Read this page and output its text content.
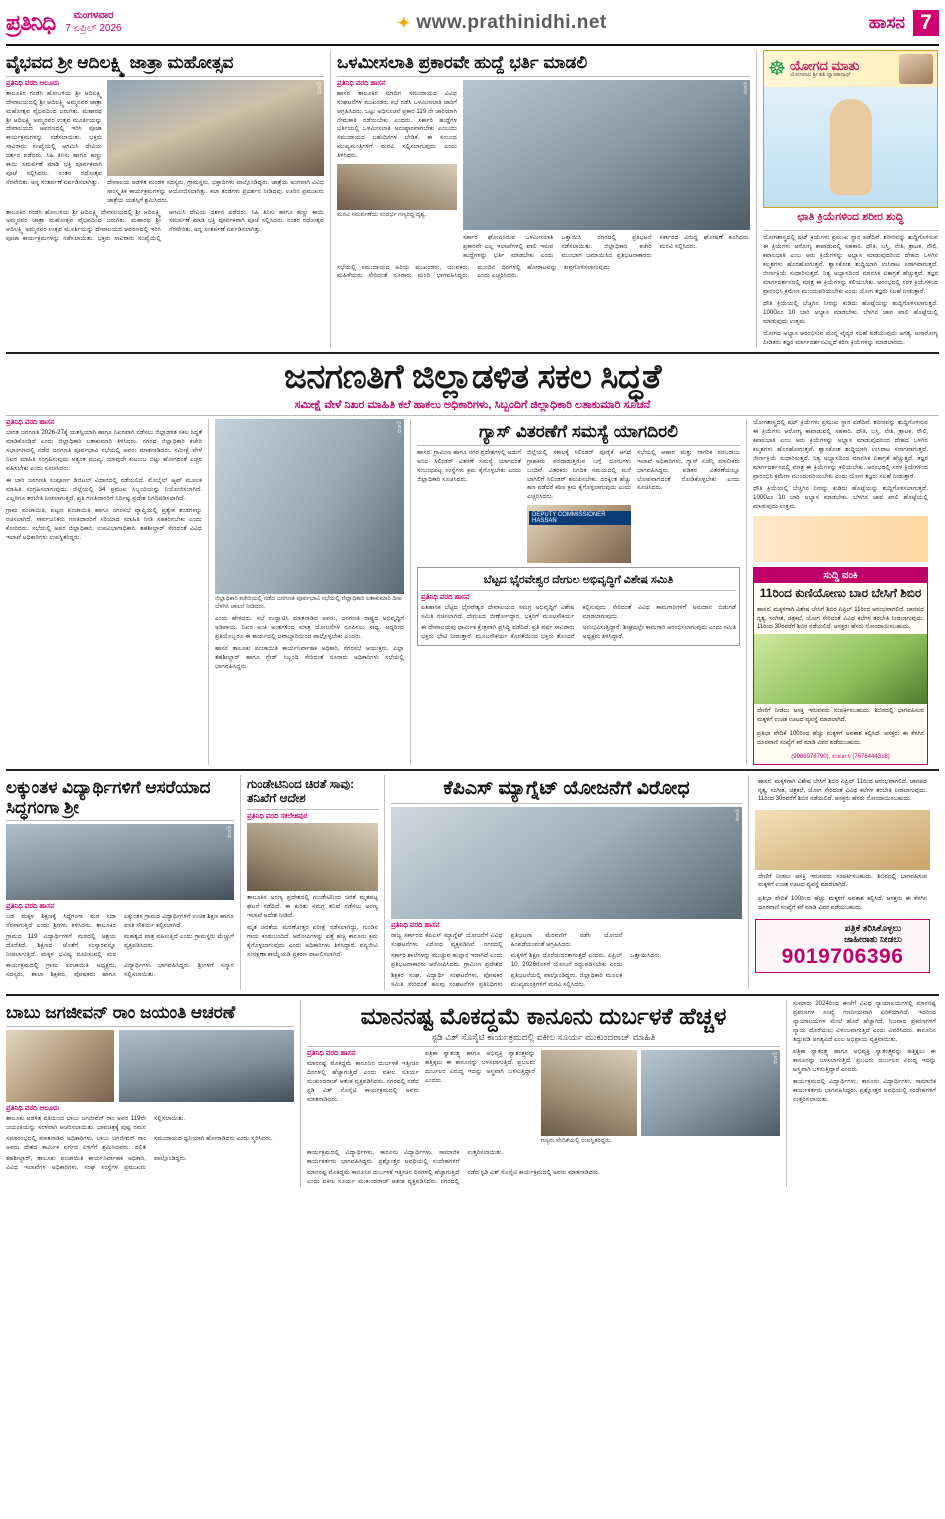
ಪ್ರತಿನಿಧಿ	ಮಂಗಳವಾರ
7 ಏಪ್ರಿಲ್ 2026	✦ www.prathinidhi.net	ಹಾಸನ 7
ವೈಭವದ ಶ್ರೀ ಆದಿಲಕ್ಷ್ಮಿ ಜಾತ್ರಾ ಮಹೋತ್ಸವ
ಪ್ರತಿನಿಧಿ ವರದಿ ಆಲೂರು
ತಾಲೂಕಿನ ಗಂಡಸಿ ಹೋಬಳಿಯ ಶ್ರೀ ಆದಿಲಕ್ಷ್ಮಿ ದೇವಾಲಯದಲ್ಲಿ ಶ್ರೀ ಆದಿಲಕ್ಷ್ಮಿ ಅಮ್ಮನವರ ಜಾತ್ರಾ ಮಹೋತ್ಸವ ವೈಭವದಿಂದ ಜರುಗಿತು. ಮಹಾರಥ ಶ್ರೀ ಆದಿಲಕ್ಷ್ಮಿ ಅಮ್ಮನವರ ಉತ್ಸವ ಮೂರ್ತಿಯನ್ನು ದೇವಾಲಯದ ಆವರಣದಲ್ಲಿ ಇರಿಸಿ ಪೂಜಾ ಕಾರ್ಯಕ್ರಮಗಳನ್ನು ನಡೆಸಲಾಯಿತು. ಭಕ್ತರು ಸಾವಿರಾರು ಸಂಖ್ಯೆಯಲ್ಲಿ ಆಗಮಿಸಿ ದೇವಿಯ ದರ್ಶನ ಪಡೆದರು. ಸಿಹಿ ತಿನಿಸು ಹಾಗೂ ಹಣ್ಣು ಕಾಯಿ ಸಮರ್ಪಣೆ ಮಾಡಿ ಭಕ್ತಿ ಪೂರ್ವಕವಾಗಿ ಪೂಜೆ ಸಲ್ಲಿಸಿದರು. ನಂತರ ರಥೋತ್ಸವ ನೆರವೇರಿತು. ಅನ್ನ ಸಂತರ್ಪಣೆ ಏರ್ಪಡಿಸಲಾಗಿತ್ತು.
ಪ್ರತಿನಿಧಿ
ದೇವಾಲಯ ಆಡಳಿತ ಮಂಡಳಿ ಸದಸ್ಯರು, ಗ್ರಾಮಸ್ಥರು, ಭಕ್ತಾದಿಗಳು ಪಾಲ್ಗೊಂಡಿದ್ದರು. ಜಾತ್ರೆಯ ಅಂಗವಾಗಿ ವಿವಿಧ ಸಾಂಸ್ಕೃತಿಕ ಕಾರ್ಯಕ್ರಮಗಳನ್ನು ಆಯೋಜಿಸಲಾಗಿತ್ತು. ಕಲಾ ತಂಡಗಳು ಪ್ರದರ್ಶನ ನೀಡಿದವು. ಊರಿನ ಪ್ರಮುಖರು ಜಾತ್ರೆಯ ಯಶಸ್ಸಿಗೆ ಶ್ರಮಿಸಿದರು.
ತಾಲೂಕಿನ ಗಂಡಸಿ ಹೋಬಳಿಯ ಶ್ರೀ ಆದಿಲಕ್ಷ್ಮಿ ದೇವಾಲಯದಲ್ಲಿ ಶ್ರೀ ಆದಿಲಕ್ಷ್ಮಿ ಅಮ್ಮನವರ ಜಾತ್ರಾ ಮಹೋತ್ಸವ ವೈಭವದಿಂದ ಜರುಗಿತು. ಮಹಾರಥ ಶ್ರೀ ಆದಿಲಕ್ಷ್ಮಿ ಅಮ್ಮನವರ ಉತ್ಸವ ಮೂರ್ತಿಯನ್ನು ದೇವಾಲಯದ ಆವರಣದಲ್ಲಿ ಇರಿಸಿ ಪೂಜಾ ಕಾರ್ಯಕ್ರಮಗಳನ್ನು ನಡೆಸಲಾಯಿತು. ಭಕ್ತರು ಸಾವಿರಾರು ಸಂಖ್ಯೆಯಲ್ಲಿ ಆಗಮಿಸಿ ದೇವಿಯ ದರ್ಶನ ಪಡೆದರು. ಸಿಹಿ ತಿನಿಸು ಹಾಗೂ ಹಣ್ಣು ಕಾಯಿ ಸಮರ್ಪಣೆ ಮಾಡಿ ಭಕ್ತಿ ಪೂರ್ವಕವಾಗಿ ಪೂಜೆ ಸಲ್ಲಿಸಿದರು. ನಂತರ ರಥೋತ್ಸವ ನೆರವೇರಿತು. ಅನ್ನ ಸಂತರ್ಪಣೆ ಏರ್ಪಡಿಸಲಾಗಿತ್ತು.
ಒಳಮೀಸಲಾತಿ ಪ್ರಕಾರವೇ ಹುದ್ದೆ ಭರ್ತಿ ಮಾಡಲಿ
ಪ್ರತಿನಿಧಿ ವರದಿ ಹಾಸನ
ಹಾಸನ ತಾಲೂಕಿನ ಮಾದಿಗ ಸಮುದಾಯದ ವಿವಿಧ ಸಂಘಟನೆಗಳ ಮುಖಂಡರು ಸಭೆ ನಡೆಸಿ ಒಳಮೀಸಲಾತಿ ಜಾರಿಗೆ ಆಗ್ರಹಿಸಿದರು. ಒಟ್ಟು ಅಧಿಸೂಚನೆ ಪ್ರಕಾರ 119 ನೇ ಜಾರಿಯಾಗಿ ನೇಮಕಾತಿ ನಡೆಯಬೇಕು ಎಂದರು. ಸರ್ಕಾರಿ ಹುದ್ದೆಗಳ ಭರ್ತಿಯಲ್ಲಿ ಒಳಮೀಸಲಾತಿ ಅನುಷ್ಠಾನವಾಗಬೇಕು ಎಂಬುದು ಸಮುದಾಯದ ಬಹುದಿನಗಳ ಬೇಡಿಕೆ. ಈ ಸಂಬಂಧ ಮುಖ್ಯಮಂತ್ರಿಗಳಿಗೆ ಮನವಿ ಸಲ್ಲಿಸಲಾಗುವುದು ಎಂದು ತಿಳಿಸಿದರು.
ಮನವಿ ಸಮರ್ಪಣೆಯ ಸಂದರ್ಭ ಗಣ್ಯರಿದ್ದ ದೃಶ್ಯ.
ಪ್ರತಿನಿಧಿ
ಸರ್ಕಾರ ಘೋಷಿಸಿರುವ ಒಳಮೀಸಲಾತಿ ಪ್ರಕಾರವೇ ಎಲ್ಲ ಇಲಾಖೆಗಳಲ್ಲಿ ಖಾಲಿ ಇರುವ ಹುದ್ದೆಗಳನ್ನು ಭರ್ತಿ ಮಾಡಬೇಕು ಎಂದು ಒತ್ತಾಯಿಸಿ ನಗರದಲ್ಲಿ ಪ್ರತಿಭಟನೆ ನಡೆಸಲಾಯಿತು. ಜಿಲ್ಲಾಧಿಕಾರಿ ಕಚೇರಿ ಮುಂಭಾಗ ಜಮಾಯಿಸಿದ ಪ್ರತಿಭಟನಾಕಾರರು ಸರ್ಕಾರದ ವಿರುದ್ಧ ಘೋಷಣೆ ಕೂಗಿದರು. ಮನವಿ ಸಲ್ಲಿಸಿದರು.
ಸಭೆಯಲ್ಲಿ ಸಮುದಾಯದ ಹಿರಿಯ ಮುಖಂಡರು, ಯುವಕರು, ಮಹಿಳೆಯರು ಸೇರಿದಂತೆ ನೂರಾರು ಮಂದಿ ಭಾಗವಹಿಸಿದ್ದರು. ಮುಂದಿನ ದಿನಗಳಲ್ಲಿ ಹೋರಾಟವನ್ನು ತೀವ್ರಗೊಳಿಸಲಾಗುವುದು ಎಂದು ಎಚ್ಚರಿಸಿದರು.
☸ ಯೋಗದ ಮಾತು
ಯೋಗಪಟು ಶ್ರೀ ಶಶಿ ದ್ವಾರಕಾನಾಥ್
ಛಾತಿ ಕ್ರಿಯೆಗಳಿಂದ ಶರೀರ ಶುದ್ಧಿ
ಯೋಗಶಾಸ್ತ್ರದಲ್ಲಿ ಷಟ್ ಕ್ರಿಯೆಗಳು ಪ್ರಮುಖ ಸ್ಥಾನ ಪಡೆದಿವೆ. ಶರೀರವನ್ನು ಶುದ್ಧಿಗೊಳಿಸುವ ಈ ಕ್ರಿಯೆಗಳು ಆರೋಗ್ಯ ಕಾಪಾಡುವಲ್ಲಿ ಸಹಕಾರಿ. ಧೌತಿ, ಬಸ್ತಿ, ನೇತಿ, ತ್ರಾಟಕ, ನೌಲಿ, ಕಪಾಲಭಾತಿ ಎಂಬ ಆರು ಕ್ರಿಯೆಗಳನ್ನು ಅಭ್ಯಾಸ ಮಾಡುವುದರಿಂದ ದೇಹದ ಒಳಗಿನ ಕಲ್ಮಶಗಳು ಹೊರಹೋಗುತ್ತವೆ. ಶ್ವಾಸಕೋಶ ಶುದ್ಧಿಯಾಗಿ ಉಸಿರಾಟ ಸರಾಗವಾಗುತ್ತದೆ. ಜೀರ್ಣಕ್ರಿಯೆ ಸುಧಾರಿಸುತ್ತದೆ. ನಿತ್ಯ ಅಭ್ಯಾಸದಿಂದ ಮಾನಸಿಕ ಏಕಾಗ್ರತೆ ಹೆಚ್ಚುತ್ತದೆ. ತಜ್ಞರ ಮಾರ್ಗದರ್ಶನದಲ್ಲಿ ಮಾತ್ರ ಈ ಕ್ರಿಯೆಗಳನ್ನು ಕಲಿಯಬೇಕು. ಆರಂಭದಲ್ಲಿ ಸರಳ ಕ್ರಿಯೆಗಳಿಂದ ಪ್ರಾರಂಭಿಸಿ ಕ್ರಮೇಣ ಮುಂದುವರಿಯಬೇಕು ಎಂದು ಯೋಗ ತಜ್ಞರು ಸಲಹೆ ನೀಡುತ್ತಾರೆ.
ಧೌತಿ ಕ್ರಿಯೆಯಲ್ಲಿ ಬೆಚ್ಚಗಿನ ನೀರನ್ನು ಕುಡಿದು ಹೊಟ್ಟೆಯನ್ನು ಶುದ್ಧಿಗೊಳಿಸಲಾಗುತ್ತದೆ. 1000ಎಂ 10 ಬಾರಿ ಅಭ್ಯಾಸ ಮಾಡಬೇಕು. ಬೆಳಗಿನ ಜಾವ ಖಾಲಿ ಹೊಟ್ಟೆಯಲ್ಲಿ ಮಾಡುವುದು ಉತ್ತಮ.
ಯೋಗದ ಅಭ್ಯಾಸ ಆರಂಭಿಸುವ ಮುನ್ನ ವೈದ್ಯರ ಸಲಹೆ ಪಡೆಯುವುದು ಅಗತ್ಯ. ಅನಾರೋಗ್ಯ ಪೀಡಿತರು ತಜ್ಞರ ಮಾರ್ಗದರ್ಶನವಿಲ್ಲದೆ ಕಠಿಣ ಕ್ರಿಯೆಗಳನ್ನು ಮಾಡಬಾರದು.
ಜನಗಣತಿಗೆ ಜಿಲ್ಲಾಡಳಿತ ಸಕಲ ಸಿದ್ಧತೆ
ಸಮೀಕ್ಷೆ ವೇಳೆ ನಿಖರ ಮಾಹಿತಿ ಕಲೆ ಹಾಕಲು ಅಧಿಕಾರಿಗಳು, ಸಿಬ್ಬಂದಿಗೆ ಜಿಲ್ಲಾಧಿಕಾರಿ ಲತಾಕುಮಾರಿ ಸೂಚನೆ
ಪ್ರತಿನಿಧಿ ವರದಿ ಹಾಸನ
ಭಾರತ ಜನಗಣತಿ 2026-27ಕ್ಕೆ ಯಶಸ್ವಿಯಾಗಿ ಹಾಗೂ ನಿಖರವಾಗಿ ನಡೆಸಲು ಜಿಲ್ಲಾಡಳಿತ ಸಕಲ ಸಿದ್ಧತೆ ಮಾಡಿಕೊಂಡಿದೆ ಎಂದು ಜಿಲ್ಲಾಧಿಕಾರಿ ಲತಾಕುಮಾರಿ ತಿಳಿಸಿದರು. ನಗರದ ಜಿಲ್ಲಾಧಿಕಾರಿ ಕಚೇರಿ ಸಭಾಂಗಣದಲ್ಲಿ ನಡೆದ ಜನಗಣತಿ ಪೂರ್ವಭಾವಿ ಸಭೆಯಲ್ಲಿ ಅವರು ಮಾತನಾಡಿದರು. ಸಮೀಕ್ಷೆ ವೇಳೆ ನಿಖರ ಮಾಹಿತಿ ಸಂಗ್ರಹಿಸುವುದು ಅತ್ಯಂತ ಮುಖ್ಯ. ಯಾವುದೇ ಕುಟುಂಬ ಬಿಟ್ಟು ಹೋಗದಂತೆ ಎಚ್ಚರ ವಹಿಸಬೇಕು ಎಂದು ಸೂಚಿಸಿದರು.
ಈ ಬಾರಿ ಜನಗಣತಿ ಸಂಪೂರ್ಣ ಡಿಜಿಟಲ್ ವಿಧಾನದಲ್ಲಿ ನಡೆಯಲಿದೆ. ಮೊಬೈಲ್ ಆ್ಯಪ್ ಮೂಲಕ ಮಾಹಿತಿ ಸಂಗ್ರಹಿಸಲಾಗುವುದು. ಜಿಲ್ಲೆಯಲ್ಲಿ 34 ಪ್ರಮುಖ ಸಿಬ್ಬಂದಿಯನ್ನು ನಿಯೋಜಿಸಲಾಗಿದೆ. ಎಲ್ಲರಿಗೂ ತರಬೇತಿ ನೀಡಲಾಗುತ್ತಿದೆ. ಪ್ರತಿ ಗಣತಿದಾರರಿಗೆ ನಿರ್ದಿಷ್ಟ ಪ್ರದೇಶ ನಿಗದಿಪಡಿಸಲಾಗಿದೆ.
ಗ್ರಾಮ ಪಂಚಾಯಿತಿ, ಪಟ್ಟಣ ಪಂಚಾಯಿತಿ ಹಾಗೂ ನಗರಸಭೆ ವ್ಯಾಪ್ತಿಯಲ್ಲಿ ಪ್ರತ್ಯೇಕ ತಂಡಗಳನ್ನು ರಚಿಸಲಾಗಿದೆ. ಸಾರ್ವಜನಿಕರು ಗಣತಿದಾರರಿಗೆ ಸರಿಯಾದ ಮಾಹಿತಿ ನೀಡಿ ಸಹಕರಿಸಬೇಕು ಎಂದು ಕೋರಿದರು. ಸಭೆಯಲ್ಲಿ ಅಪರ ಜಿಲ್ಲಾಧಿಕಾರಿ, ಉಪವಿಭಾಗಾಧಿಕಾರಿ, ತಹಶೀಲ್ದಾರ್ ಸೇರಿದಂತೆ ವಿವಿಧ ಇಲಾಖೆ ಅಧಿಕಾರಿಗಳು ಉಪಸ್ಥಿತರಿದ್ದರು.
ಪ್ರತಿನಿಧಿ
ಜಿಲ್ಲಾಧಿಕಾರಿ ಕಚೇರಿಯಲ್ಲಿ ನಡೆದ ಜನಗಣತಿ ಪೂರ್ವಭಾವಿ ಸಭೆಯಲ್ಲಿ ಜಿಲ್ಲಾಧಿಕಾರಿ ಲತಾಕುಮಾರಿ ದೀಪ ಬೆಳಗಿಸಿ ಚಾಲನೆ ನೀಡಿದರು.
ಎಂದು ಹೇಳಿದರು. ಸಭೆ ಉದ್ಘಾಟಿಸಿ ಮಾತನಾಡಿದ ಅವರು, ಜನಗಣತಿ ರಾಷ್ಟ್ರದ ಅಭಿವೃದ್ಧಿಗೆ ಅಡಿಪಾಯ. ನಿಖರ ಅಂಕಿ ಅಂಶಗಳಿಂದ ಮಾತ್ರ ಯೋಜನೆಗಳ ರೂಪಿಸಲು ಸಾಧ್ಯ. ಆದ್ದರಿಂದ ಪ್ರತಿಯೊಬ್ಬರೂ ಈ ಕಾರ್ಯದಲ್ಲಿ ಜವಾಬ್ದಾರಿಯಿಂದ ಪಾಲ್ಗೊಳ್ಳಬೇಕು ಎಂದರು.
ಹಾಸನ ತಾಲೂಕು ಪಂಚಾಯಿತಿ ಕಾರ್ಯನಿರ್ವಾಹಕ ಅಧಿಕಾರಿ, ನಗರಸಭೆ ಆಯುಕ್ತರು, ಎಲ್ಲಾ ತಹಶೀಲ್ದಾರ್ ಹಾಗೂ ಗ್ರೇಡ್ ಸಿಬ್ಬಂದಿ ಸೇರಿದಂತೆ ನೂರಾರು ಅಧಿಕಾರಿಗಳು ಸಭೆಯಲ್ಲಿ ಭಾಗವಹಿಸಿದ್ದರು.
ಗ್ಯಾಸ್ ವಿತರಣೆಗೆ ಸಮಸ್ಯೆ ಯಾಗದಿರಲಿ
ಹಾಸನ: ಗ್ರಾಮೀಣ ಹಾಗೂ ನಗರ ಪ್ರದೇಶಗಳಲ್ಲಿ ಅಡುಗೆ ಅನಿಲ ಸಿಲಿಂಡರ್ ವಿತರಣೆ ಸಮಸ್ಯೆ ಯಾಗದಂತೆ ಸಂಬಂಧಪಟ್ಟ ಸಂಸ್ಥೆಗಳು ಕ್ರಮ ಕೈಗೊಳ್ಳಬೇಕು ಎಂದು ಜಿಲ್ಲಾಧಿಕಾರಿ ಸೂಚಿಸಿದರು.
ಜಿಲ್ಲೆಯಲ್ಲಿ ಸಕಾಲಕ್ಕೆ ಸಿಲಿಂಡರ್ ಪೂರೈಕೆ ಆಗದೆ ಗ್ರಾಹಕರು ಪರದಾಡುತ್ತಿರುವ ಬಗ್ಗೆ ದೂರುಗಳು ಬಂದಿವೆ. ವಿತರಕರು ನಿಗದಿತ ಸಮಯದಲ್ಲಿ ಮನೆ ಬಾಗಿಲಿಗೆ ಸಿಲಿಂಡರ್ ತಲುಪಿಸಬೇಕು. ದರಕ್ಕಿಂತ ಹೆಚ್ಚು ಹಣ ಪಡೆದರೆ ಕಠಿಣ ಕ್ರಮ ಕೈಗೊಳ್ಳಲಾಗುವುದು ಎಂದು ಎಚ್ಚರಿಸಿದರು.
DEPUTY COMMISSIONER HASSAN
ಸಭೆಯಲ್ಲಿ ಆಹಾರ ಮತ್ತು ನಾಗರಿಕ ಸರಬರಾಜು ಇಲಾಖೆ ಅಧಿಕಾರಿಗಳು, ಗ್ಯಾಸ್ ಏಜೆನ್ಸಿ ಮಾಲೀಕರು ಭಾಗವಹಿಸಿದ್ದರು. ಪಡಿತರ ವಿತರಣೆಯಲ್ಲೂ ಲೋಪವಾಗದಂತೆ ನೋಡಿಕೊಳ್ಳಬೇಕು ಎಂದು ಸೂಚಿಸಿದರು.
ಬೆಟ್ಟದ ಭೈರವೇಶ್ವರ ದೇಗುಲ ಅಭಿವೃದ್ಧಿಗೆ ವಿಶೇಷ ಸಮಿತಿ
ಪ್ರತಿನಿಧಿ ವರದಿ ಹಾಸನ
ಐತಿಹಾಸಿಕ ಬೆಟ್ಟದ ಭೈರವೇಶ್ವರ ದೇವಾಲಯದ ಸಮಗ್ರ ಅಭಿವೃದ್ಧಿಗೆ ವಿಶೇಷ ಸಮಿತಿ ರಚಿಸಲಾಗಿದೆ. ದೇಗುಲದ ಜೀರ್ಣೋದ್ಧಾರ, ಭಕ್ತರಿಗೆ ಮೂಲಸೌಕರ್ಯ ಕಲ್ಪಿಸುವುದು ಸೇರಿದಂತೆ ವಿವಿಧ ಕಾಮಗಾರಿಗಳಿಗೆ ಅನುದಾನ ಬಿಡುಗಡೆ ಮಾಡಲಾಗುವುದು.
ಈ ದೇವಾಲಯವು ಧಾರ್ಮಿಕ ಕ್ಷೇತ್ರವಾಗಿ ಪ್ರಸಿದ್ಧಿ ಪಡೆದಿದೆ. ಪ್ರತಿ ವರ್ಷ ಸಾವಿರಾರು ಭಕ್ತರು ಭೇಟಿ ನೀಡುತ್ತಾರೆ. ಮೂಲಸೌಕರ್ಯ ಕೊರತೆಯಿಂದ ಭಕ್ತರು ತೊಂದರೆ ಅನುಭವಿಸುತ್ತಿದ್ದಾರೆ. ಶೀಘ್ರದಲ್ಲೇ ಕಾಮಗಾರಿ ಆರಂಭಿಸಲಾಗುವುದು ಎಂದು ಸಮಿತಿ ಅಧ್ಯಕ್ಷರು ತಿಳಿಸಿದ್ದಾರೆ.
ಯೋಗಶಾಸ್ತ್ರದಲ್ಲಿ ಷಟ್ ಕ್ರಿಯೆಗಳು ಪ್ರಮುಖ ಸ್ಥಾನ ಪಡೆದಿವೆ. ಶರೀರವನ್ನು ಶುದ್ಧಿಗೊಳಿಸುವ ಈ ಕ್ರಿಯೆಗಳು ಆರೋಗ್ಯ ಕಾಪಾಡುವಲ್ಲಿ ಸಹಕಾರಿ. ಧೌತಿ, ಬಸ್ತಿ, ನೇತಿ, ತ್ರಾಟಕ, ನೌಲಿ, ಕಪಾಲಭಾತಿ ಎಂಬ ಆರು ಕ್ರಿಯೆಗಳನ್ನು ಅಭ್ಯಾಸ ಮಾಡುವುದರಿಂದ ದೇಹದ ಒಳಗಿನ ಕಲ್ಮಶಗಳು ಹೊರಹೋಗುತ್ತವೆ. ಶ್ವಾಸಕೋಶ ಶುದ್ಧಿಯಾಗಿ ಉಸಿರಾಟ ಸರಾಗವಾಗುತ್ತದೆ. ಜೀರ್ಣಕ್ರಿಯೆ ಸುಧಾರಿಸುತ್ತದೆ. ನಿತ್ಯ ಅಭ್ಯಾಸದಿಂದ ಮಾನಸಿಕ ಏಕಾಗ್ರತೆ ಹೆಚ್ಚುತ್ತದೆ. ತಜ್ಞರ ಮಾರ್ಗದರ್ಶನದಲ್ಲಿ ಮಾತ್ರ ಈ ಕ್ರಿಯೆಗಳನ್ನು ಕಲಿಯಬೇಕು. ಆರಂಭದಲ್ಲಿ ಸರಳ ಕ್ರಿಯೆಗಳಿಂದ ಪ್ರಾರಂಭಿಸಿ ಕ್ರಮೇಣ ಮುಂದುವರಿಯಬೇಕು ಎಂದು ಯೋಗ ತಜ್ಞರು ಸಲಹೆ ನೀಡುತ್ತಾರೆ.
ಧೌತಿ ಕ್ರಿಯೆಯಲ್ಲಿ ಬೆಚ್ಚಗಿನ ನೀರನ್ನು ಕುಡಿದು ಹೊಟ್ಟೆಯನ್ನು ಶುದ್ಧಿಗೊಳಿಸಲಾಗುತ್ತದೆ. 1000ಎಂ 10 ಬಾರಿ ಅಭ್ಯಾಸ ಮಾಡಬೇಕು. ಬೆಳಗಿನ ಜಾವ ಖಾಲಿ ಹೊಟ್ಟೆಯಲ್ಲಿ ಮಾಡುವುದು ಉತ್ತಮ.
ಸುದ್ದಿ ವಂಕಿ
11ರಿಂದ ಕುಣಿಯೋಣು ಬಾರ ಬೇಸಿಗೆ ಶಿಬಿರ
ಹಾಸನ: ಮಕ್ಕಳಿಗಾಗಿ ವಿಶೇಷ ಬೇಸಿಗೆ ಶಿಬಿರ ಏಪ್ರಿಲ್ 11ರಿಂದ ಆರಂಭವಾಗಲಿದೆ. ಜಾನಪದ ನೃತ್ಯ, ಸಂಗೀತ, ಚಿತ್ರಕಲೆ, ಯೋಗ ಸೇರಿದಂತೆ ವಿವಿಧ ಕಲೆಗಳ ತರಬೇತಿ ನೀಡಲಾಗುವುದು. 11ರಿಂದ 30ರವರೆಗೆ ಶಿಬಿರ ನಡೆಯಲಿದೆ. ಆಸಕ್ತರು ಹೆಸರು ನೋಂದಾಯಿಸಬಹುದು.
ದೇಣಿಗೆ ನೀಡಲು ಆಸಕ್ತಿ ಇರುವವರು ಸಂಪರ್ಕಿಸಬಹುದು. ಶಿಬಿರದಲ್ಲಿ ಭಾಗವಹಿಸುವ ಮಕ್ಕಳಿಗೆ ಉಚಿತ ಊಟದ ವ್ಯವಸ್ಥೆ ಮಾಡಲಾಗಿದೆ.
ಪ್ರತಿಭಾ ವೇದಿಕೆ 100ರಿಂದ ಹೆಚ್ಚು ಮಕ್ಕಳಿಗೆ ಅವಕಾಶ ಕಲ್ಪಿಸಿದೆ. ಆಸಕ್ತರು ಈ ಕೆಳಗಿನ ದೂರವಾಣಿ ಸಂಖ್ಯೆಗೆ ಕರೆ ಮಾಡಿ ವಿವರ ಪಡೆಯಬಹುದು.
(9986978790), ಸಂಪರ್ಕಿಸಿ (7676444318)
ಲಕ್ಕುಂತಳ ವಿದ್ಯಾರ್ಥಿಗಳಿಗೆ ಆಸರೆಯಾದ ಸಿದ್ಧಗಂಗಾ ಶ್ರೀ
ಪ್ರತಿನಿಧಿ
ಪ್ರತಿನಿಧಿ ವರದಿ ಹಾಸನ
ಬಡ ಮಕ್ಕಳ ಶಿಕ್ಷಣಕ್ಕೆ ಸಿದ್ಧಗಂಗಾ ಮಠ ಸದಾ ನೆರವಾಗುತ್ತಿದೆ ಎಂದು ಶ್ರೀಗಳು ತಿಳಿಸಿದರು. ತಾಲೂಕಿನ ಲಕ್ಕುಂತಳ ಗ್ರಾಮದ ವಿದ್ಯಾರ್ಥಿಗಳಿಗೆ ಉಚಿತ ಶಿಕ್ಷಣ ಹಾಗೂ ವಸತಿ ಸೌಕರ್ಯ ಕಲ್ಪಿಸಲಾಗಿದೆ.
ಗ್ರಾಮದ 119 ವಿದ್ಯಾರ್ಥಿಗಳಿಗೆ ಮಠದಲ್ಲಿ ಆಶ್ರಯ ದೊರೆತಿದೆ. ಶಿಕ್ಷಣದ ಜೊತೆಗೆ ಸಂಸ್ಕಾರವನ್ನೂ ನೀಡಲಾಗುತ್ತಿದೆ. ಮಕ್ಕಳ ಭವಿಷ್ಯ ರೂಪಿಸುವಲ್ಲಿ ಮಠ ಮಹತ್ವದ ಪಾತ್ರ ವಹಿಸುತ್ತಿದೆ ಎಂದು ಗ್ರಾಮಸ್ಥರು ಮೆಚ್ಚುಗೆ ವ್ಯಕ್ತಪಡಿಸಿದರು.
ಕಾರ್ಯಕ್ರಮದಲ್ಲಿ ಗ್ರಾಮ ಪಂಚಾಯಿತಿ ಅಧ್ಯಕ್ಷರು, ಸದಸ್ಯರು, ಶಾಲಾ ಶಿಕ್ಷಕರು, ಪೋಷಕರು ಹಾಗೂ ವಿದ್ಯಾರ್ಥಿಗಳು ಭಾಗವಹಿಸಿದ್ದರು. ಶ್ರೀಗಳಿಗೆ ಸನ್ಮಾನ ಸಲ್ಲಿಸಲಾಯಿತು.
ಗುಂಡೇಟಿನಿಂದ ಚಿರತೆ ಸಾವು: ತನಿಖೆಗೆ ಆದೇಶ
ಪ್ರತಿನಿಧಿ ವರದಿ ಸಕಲೇಶಪುರ
ತಾಲೂಕಿನ ಅರಣ್ಯ ಪ್ರದೇಶದಲ್ಲಿ ಗುಂಡೇಟಿನಿಂದ ಚಿರತೆ ಮೃತಪಟ್ಟ ಘಟನೆ ನಡೆದಿದೆ. ಈ ಕುರಿತು ಸಮಗ್ರ ತನಿಖೆ ನಡೆಸಲು ಅರಣ್ಯ ಇಲಾಖೆ ಆದೇಶ ನೀಡಿದೆ.
ಮೃತ ಚಿರತೆಯ ಮರಣೋತ್ತರ ಪರೀಕ್ಷೆ ನಡೆಸಲಾಗಿದ್ದು, ಗುಂಡಿನ ಗಾಯ ಕಂಡುಬಂದಿದೆ. ಆರೋಪಿಗಳನ್ನು ಪತ್ತೆ ಹಚ್ಚಿ ಕಾನೂನು ಕ್ರಮ ಕೈಗೊಳ್ಳಲಾಗುವುದು ಎಂದು ಅಧಿಕಾರಿಗಳು ತಿಳಿಸಿದ್ದಾರೆ. ವನ್ಯಜೀವಿ ಸಂರಕ್ಷಣಾ ಕಾಯ್ದೆಯಡಿ ಪ್ರಕರಣ ದಾಖಲಿಸಲಾಗಿದೆ.
ಕೆಪಿಎಸ್ ಮ್ಯಾಗ್ನೆಟ್ ಯೋಜನೆಗೆ ವಿರೋಧ
ಪ್ರತಿನಿಧಿ
ಪ್ರತಿನಿಧಿ ವರದಿ ಹಾಸನ
ರಾಜ್ಯ ಸರ್ಕಾರದ ಕೆಪಿಎಸ್ ಮ್ಯಾಗ್ನೆಟ್ ಯೋಜನೆಗೆ ವಿವಿಧ ಸಂಘಟನೆಗಳು ವಿರೋಧ ವ್ಯಕ್ತಪಡಿಸಿವೆ. ನಗರದಲ್ಲಿ ಪ್ರತಿಭಟನಾ ಮೆರವಣಿಗೆ ನಡೆಸಿ ಯೋಜನೆ ಹಿಂಪಡೆಯುವಂತೆ ಆಗ್ರಹಿಸಿದರು.
ಸರ್ಕಾರಿ ಶಾಲೆಗಳನ್ನು ಮುಚ್ಚುವ ಹುನ್ನಾರ ಇದಾಗಿದೆ ಎಂದು ಪ್ರತಿಭಟನಾಕಾರರು ಆರೋಪಿಸಿದರು. ಗ್ರಾಮೀಣ ಪ್ರದೇಶದ ಮಕ್ಕಳಿಗೆ ಶಿಕ್ಷಣ ದೊರೆಯದಂತಾಗುತ್ತದೆ ಎಂದರು. ಏಪ್ರಿಲ್ 10, 2026ರೊಳಗೆ ಯೋಜನೆ ರದ್ದುಪಡಿಸಬೇಕು ಎಂದು ಒತ್ತಾಯಿಸಿದರು.
ಶಿಕ್ಷಕರ ಸಂಘ, ವಿದ್ಯಾರ್ಥಿ ಸಂಘಟನೆಗಳು, ಪೋಷಕರ ಸಮಿತಿ ಸೇರಿದಂತೆ ಹಲವು ಸಂಘಟನೆಗಳ ಪ್ರತಿನಿಧಿಗಳು ಪ್ರತಿಭಟನೆಯಲ್ಲಿ ಪಾಲ್ಗೊಂಡಿದ್ದರು. ಜಿಲ್ಲಾಧಿಕಾರಿ ಮೂಲಕ ಮುಖ್ಯಮಂತ್ರಿಗಳಿಗೆ ಮನವಿ ಸಲ್ಲಿಸಿದರು.
ಹಾಸನ: ಮಕ್ಕಳಿಗಾಗಿ ವಿಶೇಷ ಬೇಸಿಗೆ ಶಿಬಿರ ಏಪ್ರಿಲ್ 11ರಿಂದ ಆರಂಭವಾಗಲಿದೆ. ಜಾನಪದ ನೃತ್ಯ, ಸಂಗೀತ, ಚಿತ್ರಕಲೆ, ಯೋಗ ಸೇರಿದಂತೆ ವಿವಿಧ ಕಲೆಗಳ ತರಬೇತಿ ನೀಡಲಾಗುವುದು. 11ರಿಂದ 30ರವರೆಗೆ ಶಿಬಿರ ನಡೆಯಲಿದೆ. ಆಸಕ್ತರು ಹೆಸರು ನೋಂದಾಯಿಸಬಹುದು.
ದೇಣಿಗೆ ನೀಡಲು ಆಸಕ್ತಿ ಇರುವವರು ಸಂಪರ್ಕಿಸಬಹುದು. ಶಿಬಿರದಲ್ಲಿ ಭಾಗವಹಿಸುವ ಮಕ್ಕಳಿಗೆ ಉಚಿತ ಊಟದ ವ್ಯವಸ್ಥೆ ಮಾಡಲಾಗಿದೆ.
ಪ್ರತಿಭಾ ವೇದಿಕೆ 100ರಿಂದ ಹೆಚ್ಚು ಮಕ್ಕಳಿಗೆ ಅವಕಾಶ ಕಲ್ಪಿಸಿದೆ. ಆಸಕ್ತರು ಈ ಕೆಳಗಿನ ದೂರವಾಣಿ ಸಂಖ್ಯೆಗೆ ಕರೆ ಮಾಡಿ ವಿವರ ಪಡೆಯಬಹುದು.
ಪತ್ರಿಕೆ ತರಿಸಿಕೊಳ್ಳಲು
ಜಾಹೀರಾತು ನೀಡಲು
9019706396
ಬಾಬು ಜಗಜೀವನ್ ರಾಂ ಜಯಂತಿ ಆಚರಣೆ
ಪ್ರತಿನಿಧಿ ವರದಿ ಆಲೂರು
ತಾಲೂಕು ಆಡಳಿತ ವತಿಯಿಂದ ಬಾಬು ಜಗಜೀವನ್ ರಾಂ ಅವರ 119ನೇ ಜಯಂತಿಯನ್ನು ಸರಳವಾಗಿ ಆಚರಿಸಲಾಯಿತು. ಭಾವಚಿತ್ರಕ್ಕೆ ಪುಷ್ಪ ನಮನ ಸಲ್ಲಿಸಲಾಯಿತು.
ಸಮಾರಂಭದಲ್ಲಿ ಮಾತನಾಡಿದ ಅಧಿಕಾರಿಗಳು, ಬಾಬು ಜಗಜೀವನ್ ರಾಂ ಅವರು ದೇಶದ ಕಾರ್ಮಿಕ ವರ್ಗದ ಏಳಿಗೆಗೆ ಶ್ರಮಿಸಿದವರು. ದಲಿತ ಸಮುದಾಯದ ಧ್ವನಿಯಾಗಿ ಹೋರಾಡಿದರು ಎಂದು ಸ್ಮರಿಸಿದರು.
ತಹಶೀಲ್ದಾರ್, ತಾಲೂಕು ಪಂಚಾಯಿತಿ ಕಾರ್ಯನಿರ್ವಾಹಕ ಅಧಿಕಾರಿ, ವಿವಿಧ ಇಲಾಖೆಗಳ ಅಧಿಕಾರಿಗಳು, ಸಂಘ ಸಂಸ್ಥೆಗಳ ಪ್ರಮುಖರು ಪಾಲ್ಗೊಂಡಿದ್ದರು.
ಮಾನನಷ್ಟ ಮೊಕದ್ದಮೆ ಕಾನೂನು ದುರ್ಬಳಕೆ ಹೆಚ್ಚಳ
ಸ್ಟಡಿ ವಿತ್ ಸೊಸೈಟಿ ಕಾರ್ಯಕ್ರಮದಲ್ಲಿ ವಕೀಲ ಸೂರ್ಯ ಮುಕುಂದರಾಜ್ ಮಾಹಿತಿ
ಪ್ರತಿನಿಧಿ ವರದಿ ಹಾಸನ
ಮಾನನಷ್ಟ ಮೊಕದ್ದಮೆ ಕಾನೂನಿನ ದುರ್ಬಳಕೆ ಇತ್ತೀಚಿನ ದಿನಗಳಲ್ಲಿ ಹೆಚ್ಚಾಗುತ್ತಿದೆ ಎಂದು ವಕೀಲ ಸೂರ್ಯ ಮುಕುಂದರಾಜ್ ಆತಂಕ ವ್ಯಕ್ತಪಡಿಸಿದರು. ನಗರದಲ್ಲಿ ನಡೆದ ಸ್ಟಡಿ ವಿತ್ ಸೊಸೈಟಿ ಕಾರ್ಯಕ್ರಮದಲ್ಲಿ ಅವರು ಮಾತನಾಡಿದರು.
ಪತ್ರಿಕಾ ಸ್ವಾತಂತ್ರ್ಯ ಹಾಗೂ ಅಭಿವ್ಯಕ್ತಿ ಸ್ವಾತಂತ್ರ್ಯವನ್ನು ಹತ್ತಿಕ್ಕಲು ಈ ಕಾನೂನನ್ನು ಬಳಸಲಾಗುತ್ತಿದೆ. ಪ್ರಬಲರು ದುರ್ಬಲರ ವಿರುದ್ಧ ಇದನ್ನು ಅಸ್ತ್ರವಾಗಿ ಬಳಸುತ್ತಿದ್ದಾರೆ ಎಂದರು.
ಪ್ರತಿನಿಧಿ
ಗಣ್ಯರು ವೇದಿಕೆಯಲ್ಲಿ ಉಪಸ್ಥಿತರಿದ್ದರು.
ಕಾರ್ಯಕ್ರಮದಲ್ಲಿ ವಿದ್ಯಾರ್ಥಿಗಳು, ಕಾನೂನು ವಿದ್ಯಾರ್ಥಿಗಳು, ಸಾಮಾಜಿಕ ಕಾರ್ಯಕರ್ತರು ಭಾಗವಹಿಸಿದ್ದರು. ಪ್ರಶ್ನೋತ್ತರ ಅವಧಿಯಲ್ಲಿ ಸಂದೇಹಗಳಿಗೆ ಉತ್ತರಿಸಲಾಯಿತು.
ಮಾನನಷ್ಟ ಮೊಕದ್ದಮೆ ಕಾನೂನಿನ ದುರ್ಬಳಕೆ ಇತ್ತೀಚಿನ ದಿನಗಳಲ್ಲಿ ಹೆಚ್ಚಾಗುತ್ತಿದೆ ಎಂದು ವಕೀಲ ಸೂರ್ಯ ಮುಕುಂದರಾಜ್ ಆತಂಕ ವ್ಯಕ್ತಪಡಿಸಿದರು. ನಗರದಲ್ಲಿ ನಡೆದ ಸ್ಟಡಿ ವಿತ್ ಸೊಸೈಟಿ ಕಾರ್ಯಕ್ರಮದಲ್ಲಿ ಅವರು ಮಾತನಾಡಿದರು.
ಸುಮಾರು 2024ರಿಂದ ಈಚೆಗೆ ವಿವಿಧ ನ್ಯಾಯಾಲಯಗಳಲ್ಲಿ ಮಾನನಷ್ಟ ಪ್ರಕರಣಗಳ ಸಂಖ್ಯೆ ಗಣನೀಯವಾಗಿ ಏರಿಕೆಯಾಗಿದೆ. ಇದರಿಂದ ನ್ಯಾಯಾಲಯಗಳ ಮೇಲೆ ಹೊರೆ ಹೆಚ್ಚಾಗಿದೆ. ನಿಜವಾದ ಪ್ರಕರಣಗಳಿಗೆ ನ್ಯಾಯ ದೊರೆಯಲು ವಿಳಂಬವಾಗುತ್ತಿದೆ ಎಂದು ವಿವರಿಸಿದರು. ಕಾನೂನಿನ ತಿದ್ದುಪಡಿ ಅಗತ್ಯವಿದೆ ಎಂಬ ಅಭಿಪ್ರಾಯ ವ್ಯಕ್ತವಾಯಿತು.
ಪತ್ರಿಕಾ ಸ್ವಾತಂತ್ರ್ಯ ಹಾಗೂ ಅಭಿವ್ಯಕ್ತಿ ಸ್ವಾತಂತ್ರ್ಯವನ್ನು ಹತ್ತಿಕ್ಕಲು ಈ ಕಾನೂನನ್ನು ಬಳಸಲಾಗುತ್ತಿದೆ. ಪ್ರಬಲರು ದುರ್ಬಲರ ವಿರುದ್ಧ ಇದನ್ನು ಅಸ್ತ್ರವಾಗಿ ಬಳಸುತ್ತಿದ್ದಾರೆ ಎಂದರು.
ಕಾರ್ಯಕ್ರಮದಲ್ಲಿ ವಿದ್ಯಾರ್ಥಿಗಳು, ಕಾನೂನು ವಿದ್ಯಾರ್ಥಿಗಳು, ಸಾಮಾಜಿಕ ಕಾರ್ಯಕರ್ತರು ಭಾಗವಹಿಸಿದ್ದರು. ಪ್ರಶ್ನೋತ್ತರ ಅವಧಿಯಲ್ಲಿ ಸಂದೇಹಗಳಿಗೆ ಉತ್ತರಿಸಲಾಯಿತು.
